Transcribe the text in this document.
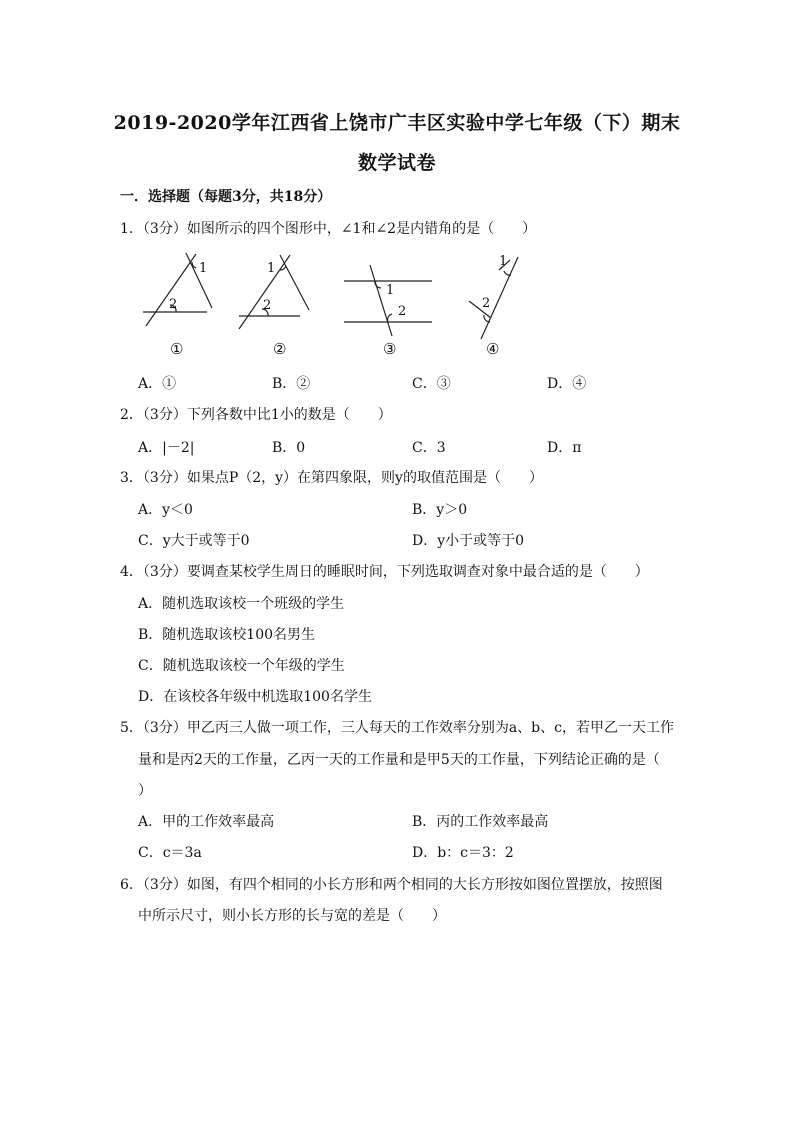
2019-2020学年江西省上饶市广丰区实验中学七年级（下）期末
数学试卷
一．选择题（每题3分，共18分）
1．（3分）如图所示的四个图形中，∠1和∠2是内错角的是（　　）
1
2
1
2
1
2
1
2
①	②	③	④
A．①	B．②	C．③	D．④
2．（3分）下列各数中比1小的数是（　　）
A．|－2|	B．0	C．3	D．π
3．（3分）如果点P（2，y）在第四象限，则y的取值范围是（　　）
A．y＜0	B．y＞0
C．y大于或等于0	D．y小于或等于0
4．（3分）要调查某校学生周日的睡眠时间，下列选取调查对象中最合适的是（　　）
A．随机选取该校一个班级的学生
B．随机选取该校100名男生
C．随机选取该校一个年级的学生
D．在该校各年级中机选取100名学生
5．（3分）甲乙丙三人做一项工作，三人每天的工作效率分别为a、b、c，若甲乙一天工作
量和是丙2天的工作量，乙丙一天的工作量和是甲5天的工作量，下列结论正确的是（
）
A．甲的工作效率最高	B．丙的工作效率最高
C．c＝3a	D．b：c＝3：2
6．（3分）如图，有四个相同的小长方形和两个相同的大长方形按如图位置摆放，按照图
中所示尺寸，则小长方形的长与宽的差是（　　）
